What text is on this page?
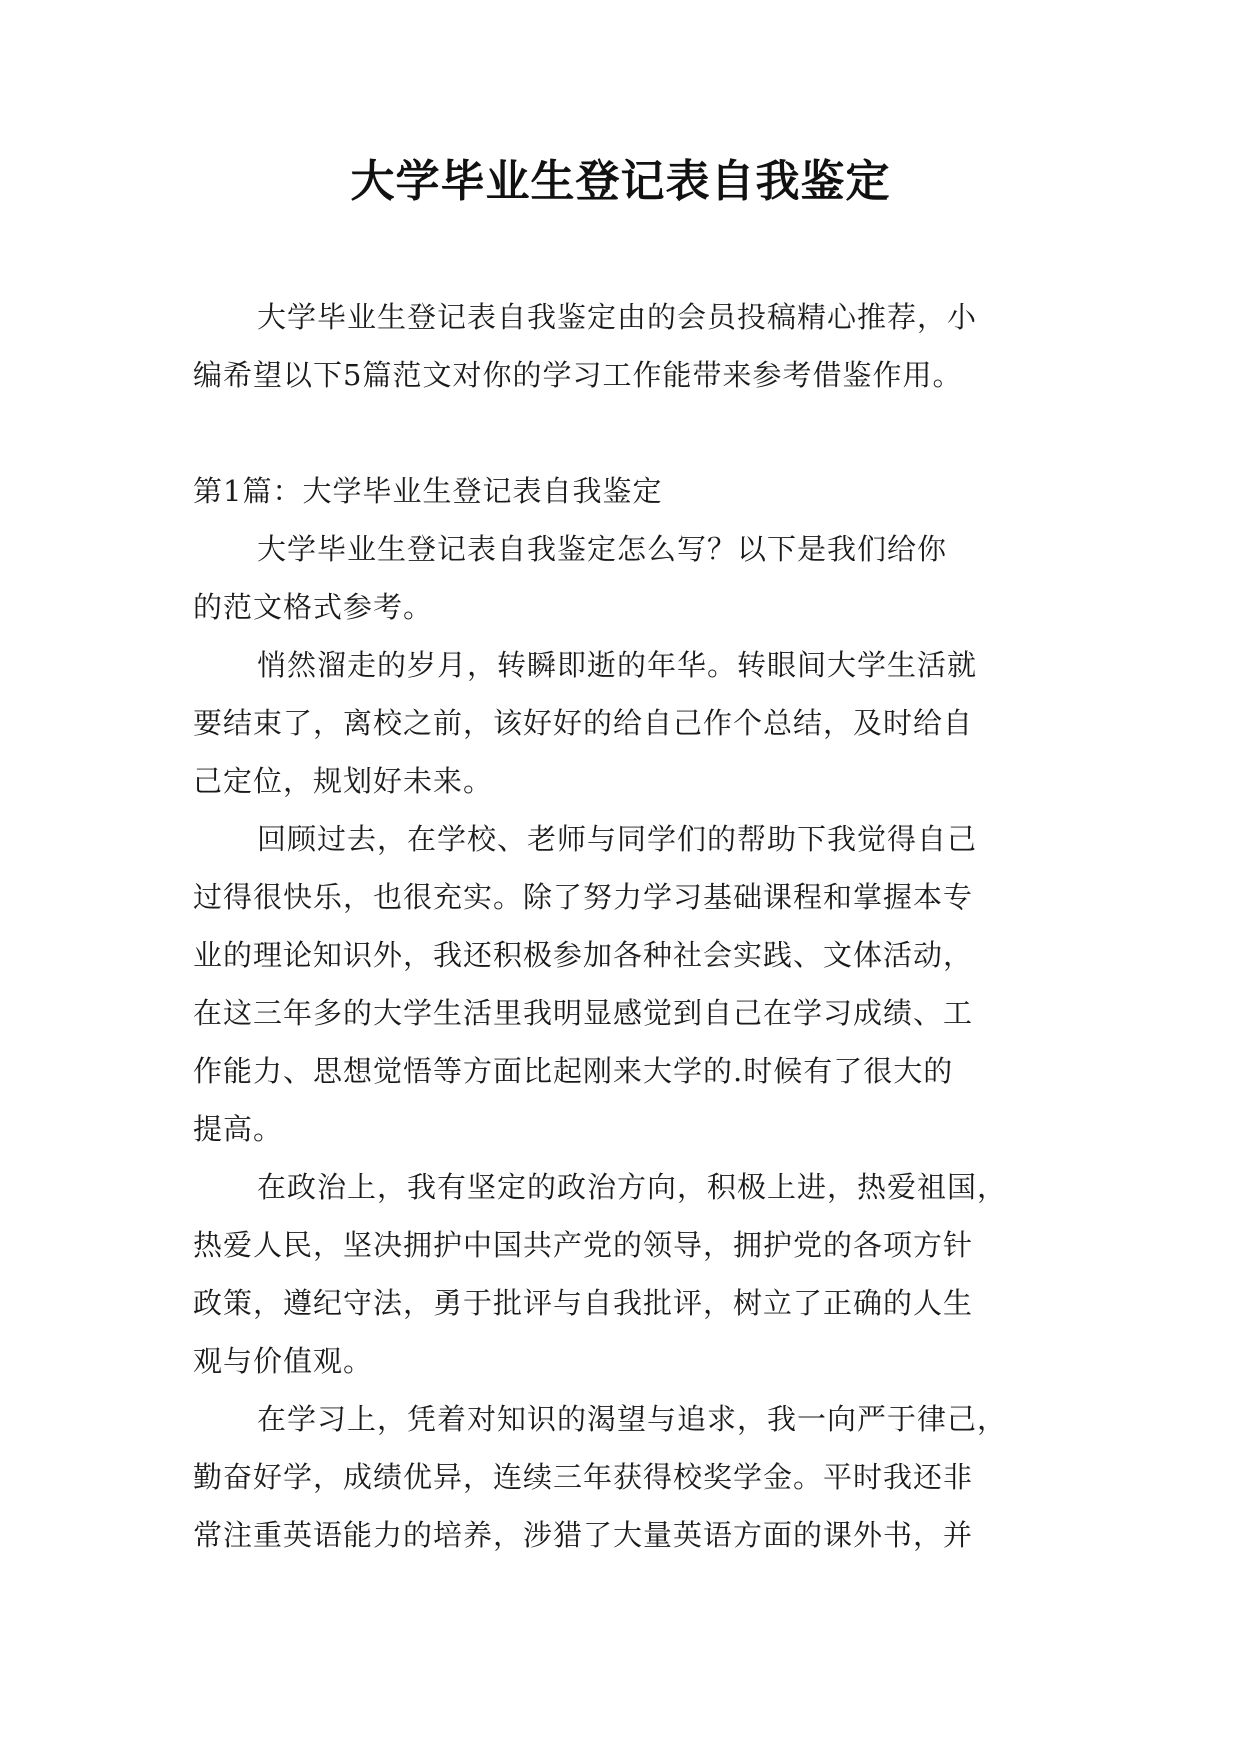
大学毕业生登记表自我鉴定
大学毕业生登记表自我鉴定由的会员投稿精心推荐，小
编希望以下5篇范文对你的学习工作能带来参考借鉴作用。
第1篇：大学毕业生登记表自我鉴定
大学毕业生登记表自我鉴定怎么写？以下是我们给你
的范文格式参考。
悄然溜走的岁月，转瞬即逝的年华。转眼间大学生活就
要结束了，离校之前，该好好的给自己作个总结，及时给自
己定位，规划好未来。
回顾过去，在学校、老师与同学们的帮助下我觉得自己
过得很快乐，也很充实。除了努力学习基础课程和掌握本专
业的理论知识外，我还积极参加各种社会实践、文体活动，
在这三年多的大学生活里我明显感觉到自己在学习成绩、工
作能力、思想觉悟等方面比起刚来大学的.时候有了很大的
提高。
在政治上，我有坚定的政治方向，积极上进，热爱祖国，
热爱人民，坚决拥护中国共产党的领导，拥护党的各项方针
政策，遵纪守法，勇于批评与自我批评，树立了正确的人生
观与价值观。
在学习上，凭着对知识的渴望与追求，我一向严于律己，
勤奋好学，成绩优异，连续三年获得校奖学金。平时我还非
常注重英语能力的培养，涉猎了大量英语方面的课外书，并
